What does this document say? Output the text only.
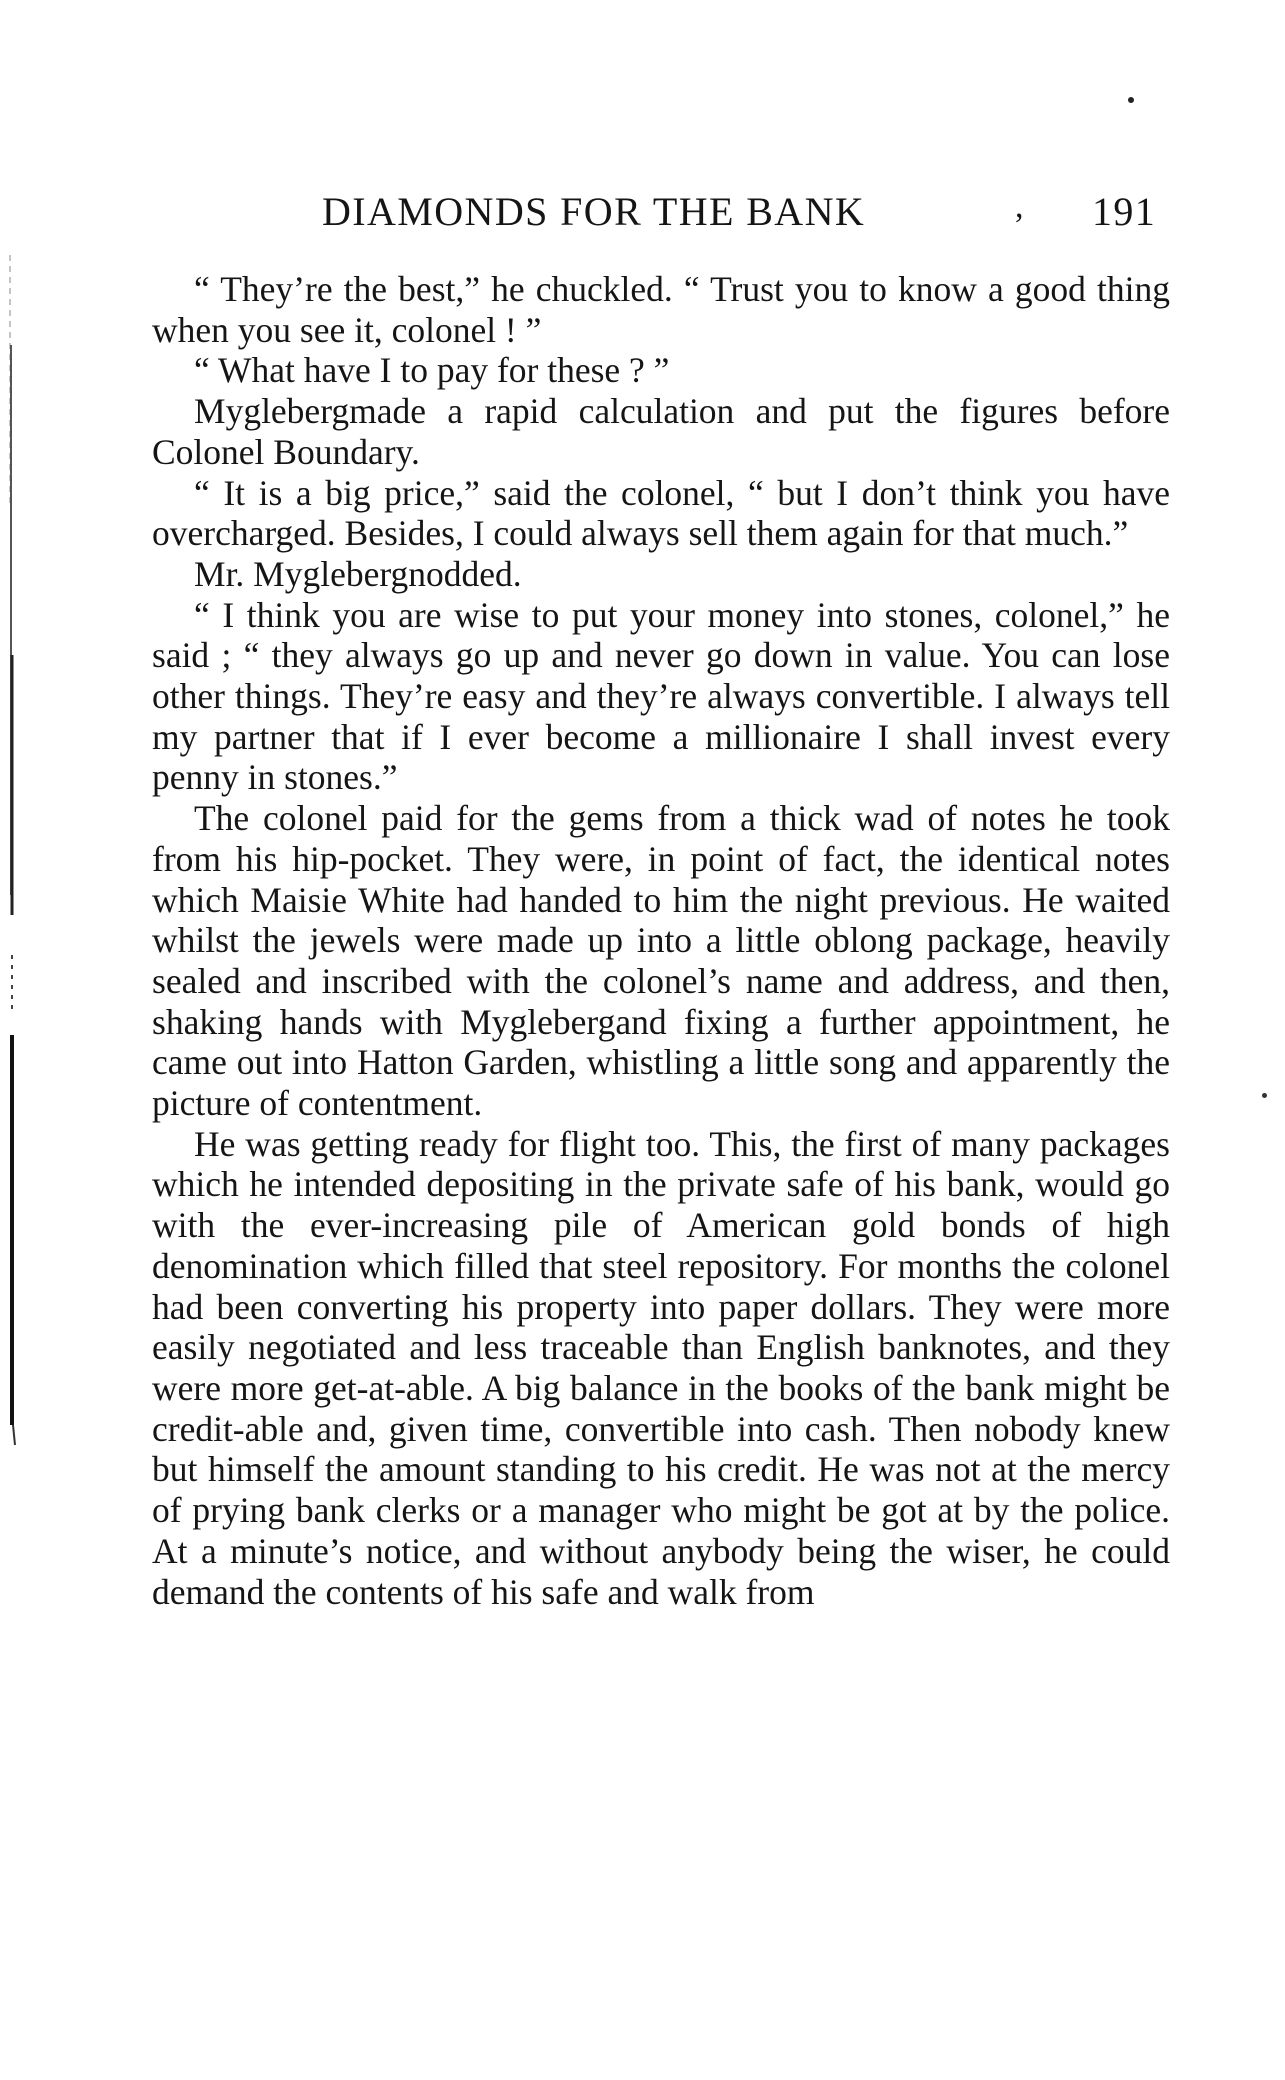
DIAMONDS FOR THE BANK	, 191

“ They’re the best,” he chuckled. “ Trust you to know a good thing when you see it, colonel ! ”

“ What have I to pay for these ? ”

Myglebergmade a rapid calculation and put the figures before Colonel Boundary.

“ It is a big price,” said the colonel, “ but I don’t think you have overcharged. Besides, I could always sell them again for that much.”

Mr. Myglebergnodded.

“ I think you are wise to put your money into stones, colonel,” he said ; “ they always go up and never go down in value. You can lose other things. They’re easy and they’re always convertible. I always tell my partner that if I ever become a millionaire I shall invest every penny in stones.”

The colonel paid for the gems from a thick wad of notes he took from his hip-pocket. They were, in point of fact, the identical notes which Maisie White had handed to him the night previous. He waited whilst the jewels were made up into a little oblong package, heavily sealed and inscribed with the colonel’s name and address, and then, shaking hands with Myglebergand fixing a further appointment, he came out into Hatton Garden, whistling a little song and apparently the picture of contentment.

He was getting ready for flight too. This, the first of many packages which he intended depositing in the private safe of his bank, would go with the ever-increasing pile of American gold bonds of high denomination which filled that steel repository. For months the colonel had been converting his property into paper dollars. They were more easily negotiated and less traceable than English banknotes, and they were more get-at-able. A big balance in the books of the bank might be credit-able and, given time, convertible into cash. Then nobody knew but himself the amount standing to his credit. He was not at the mercy of prying bank clerks or a manager who might be got at by the police. At a minute’s notice, and without anybody being the wiser, he could demand the contents of his safe and walk from
